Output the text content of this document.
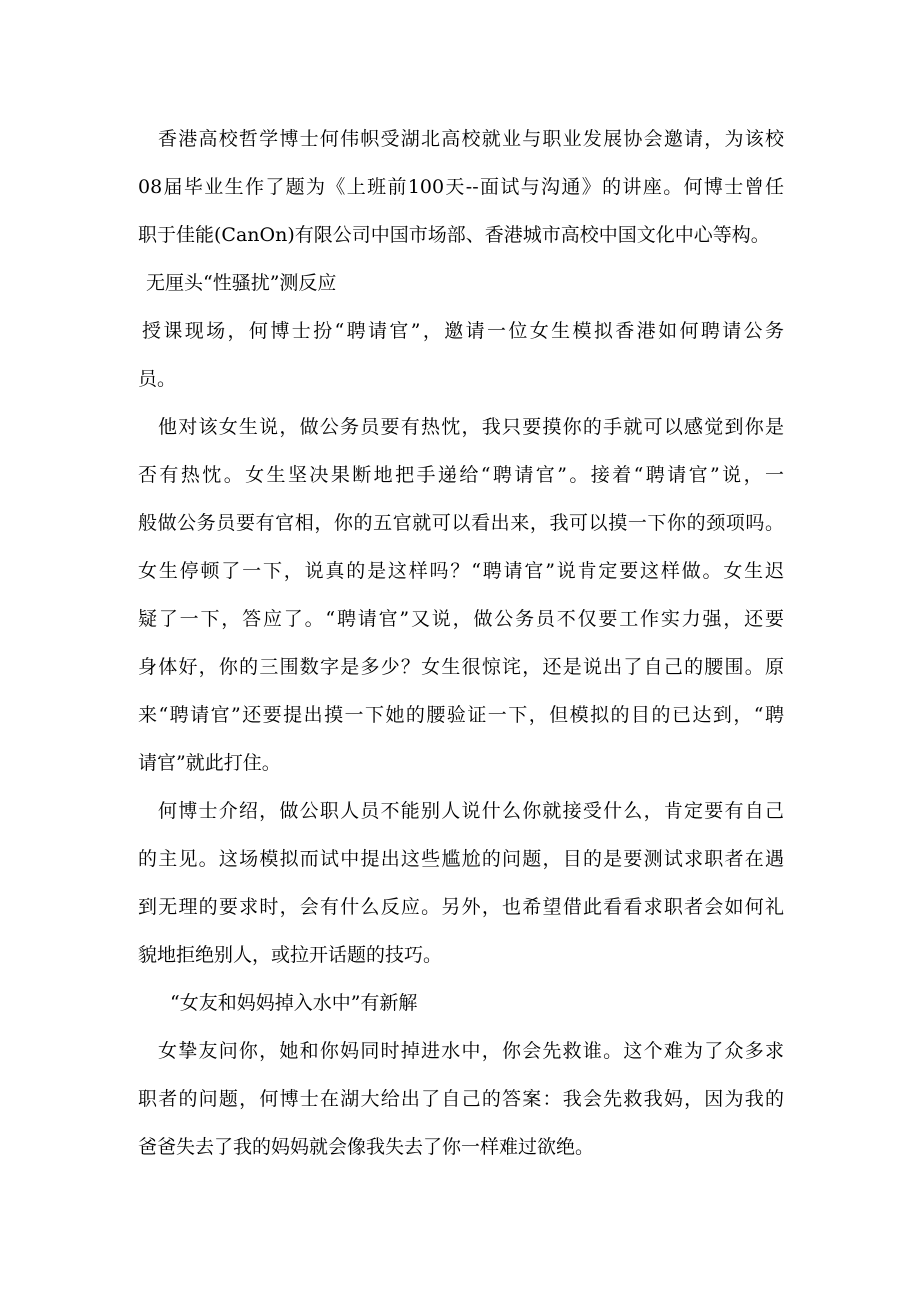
香港高校哲学博士何伟帜受湖北高校就业与职业发展协会邀请，为该校
08届毕业生作了题为《上班前100天--面试与沟通》的讲座。何博士曾任
职于佳能(CanOn)有限公司中国市场部、香港城市高校中国文化中心等构。
无厘头“性骚扰”测反应
授课现场，何博士扮“聘请官”，邀请一位女生模拟香港如何聘请公务
员。
他对该女生说，做公务员要有热忱，我只要摸你的手就可以感觉到你是
否有热忱。女生坚决果断地把手递给“聘请官”。接着“聘请官”说，一
般做公务员要有官相，你的五官就可以看出来，我可以摸一下你的颈项吗。
女生停顿了一下，说真的是这样吗？“聘请官”说肯定要这样做。女生迟
疑了一下，答应了。“聘请官”又说，做公务员不仅要工作实力强，还要
身体好，你的三围数字是多少？女生很惊诧，还是说出了自己的腰围。原
来“聘请官”还要提出摸一下她的腰验证一下，但模拟的目的已达到，“聘
请官”就此打住。
何博士介绍，做公职人员不能别人说什么你就接受什么，肯定要有自己
的主见。这场模拟而试中提出这些尴尬的问题，目的是要测试求职者在遇
到无理的要求时，会有什么反应。另外，也希望借此看看求职者会如何礼
貌地拒绝别人，或拉开话题的技巧。
“女友和妈妈掉入水中”有新解
女挚友问你，她和你妈同时掉进水中，你会先救谁。这个难为了众多求
职者的问题，何博士在湖大给出了自己的答案：我会先救我妈，因为我的
爸爸失去了我的妈妈就会像我失去了你一样难过欲绝。
